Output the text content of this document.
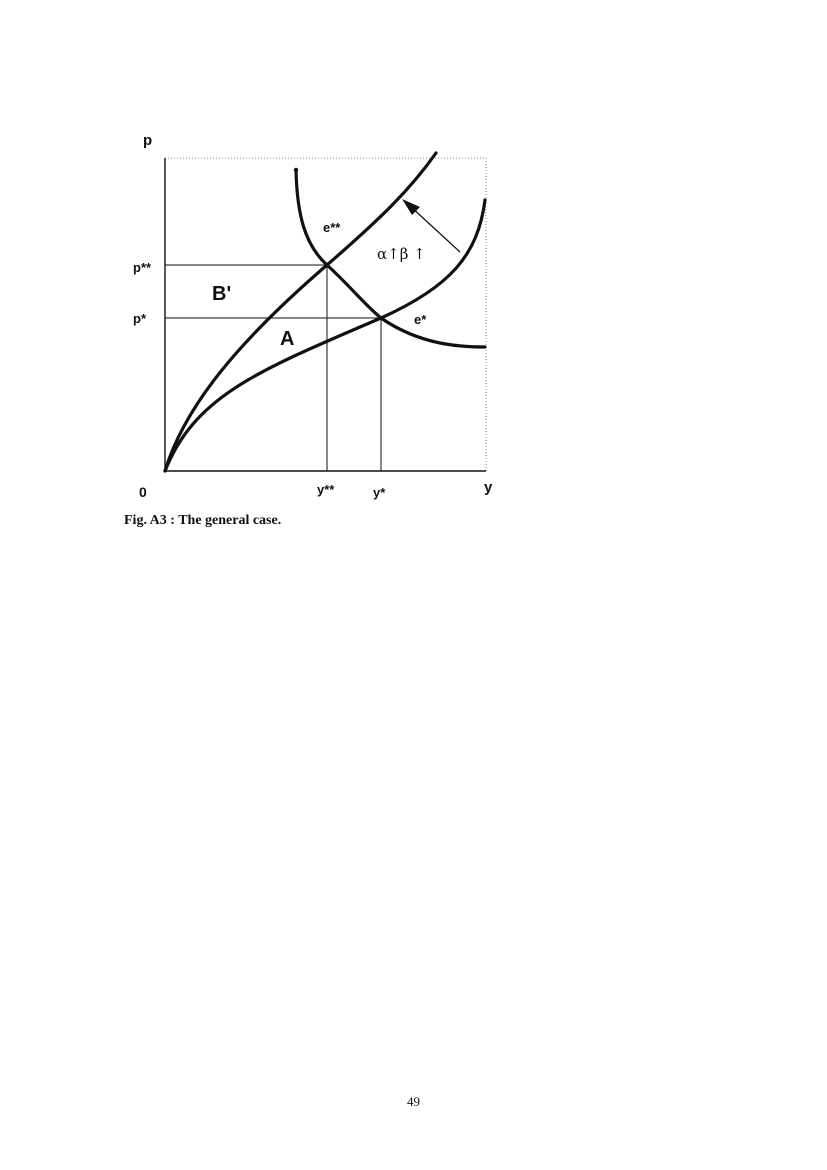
p
y
0
p**
p*
y**	y*
e**
e*
B'
A
α↑β ↑
Fig. A3 : The general case.
49
